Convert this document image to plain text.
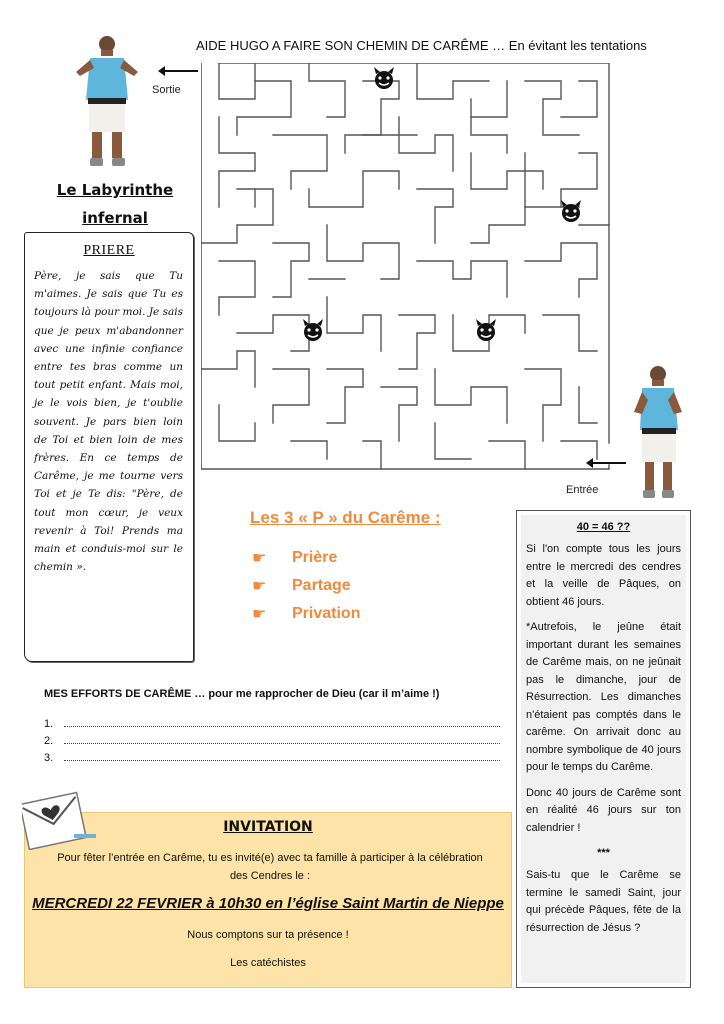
AIDE HUGO A FAIRE SON CHEMIN DE CARÊME … En évitant les tentations
Sortie
Le Labyrinthe
infernal
PRIERE
Père, je sais que Tu m'aimes. Je sais que Tu es toujours là pour moi. Je sais que je peux m'abandonner avec une infinie confiance entre tes bras comme un tout petit enfant. Mais moi, je le vois bien, je t'oublie souvent. Je pars bien loin de Toi et bien loin de mes frères. En ce temps de Carême, je me tourne vers Toi et je Te dis: "Père, de tout mon cœur, je veux revenir à Toi! Prends ma main et conduis-moi sur le chemin ».
Entrée
Les 3 « P » du Carême :
☛	Prière
☛	Partage
☛	Privation
MES EFFORTS DE CARÊME … pour me rapprocher de Dieu (car il m’aime !)
1.
2.
3.
INVITATION
Pour fêter l’entrée en Carême, tu es invité(e) avec ta famille à participer à la célébration des Cendres le :
MERCREDI 22 FEVRIER à 10h30 en l’église Saint Martin de Nieppe
Nous comptons sur ta présence !
Les catéchistes
40 = 46 ??
Si l'on compte tous les jours entre le mercredi des cendres et la veille de Pâques, on obtient 46 jours.
*Autrefois, le jeûne était important durant les semaines de Carême mais, on ne jeûnait pas le dimanche, jour de Résurrection. Les dimanches n'étaient pas comptés dans le carême. On arrivait donc au nombre symbolique de 40 jours pour le temps du Carême.
Donc 40 jours de Carême sont en réalité 46 jours sur ton calendrier !
***
Sais-tu que le Carême se termine le samedi Saint, jour qui précède Pâques, fête de la résurrection de Jésus ?
